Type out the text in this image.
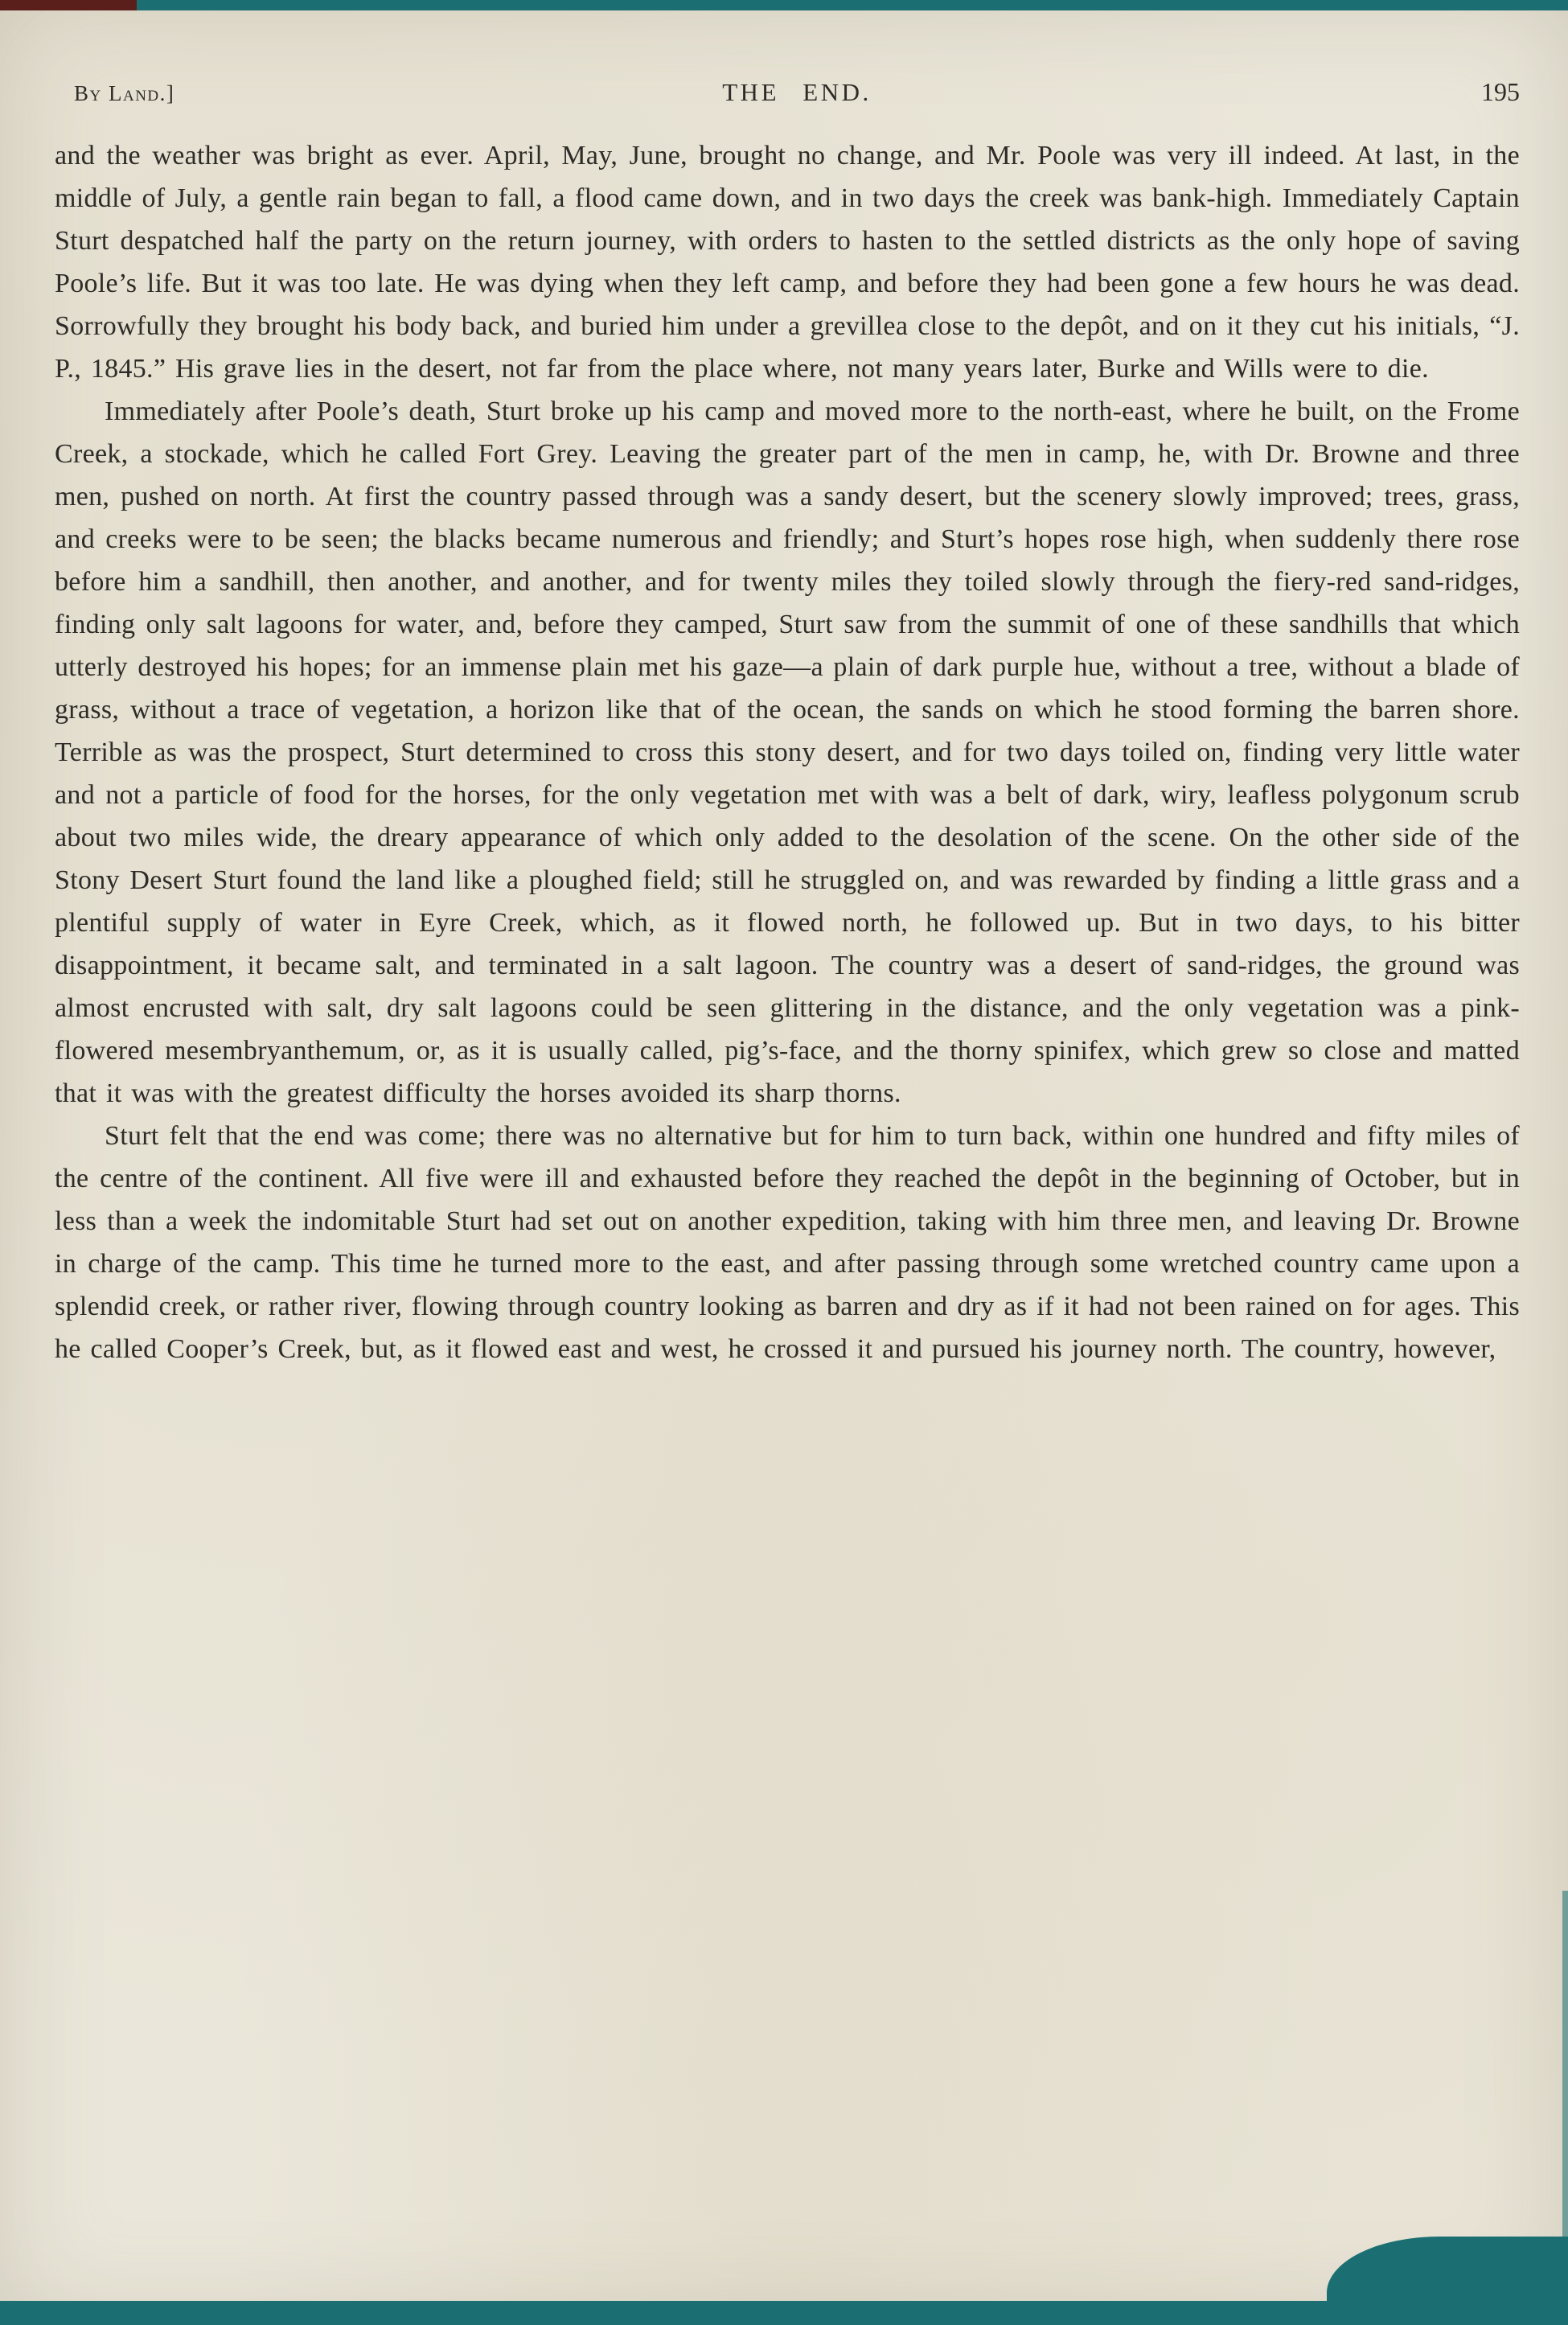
By Land.]	THE END.	195

and the weather was bright as ever. April, May, June, brought no change, and Mr. Poole was very ill indeed. At last, in the middle of July, a gentle rain began to fall, a flood came down, and in two days the creek was bank-high. Immediately Captain Sturt despatched half the party on the return journey, with orders to hasten to the settled districts as the only hope of saving Poole’s life. But it was too late. He was dying when they left camp, and before they had been gone a few hours he was dead. Sorrowfully they brought his body back, and buried him under a grevillea close to the depôt, and on it they cut his initials, “J. P., 1845.” His grave lies in the desert, not far from the place where, not many years later, Burke and Wills were to die.

Immediately after Poole’s death, Sturt broke up his camp and moved more to the north-east, where he built, on the Frome Creek, a stockade, which he called Fort Grey. Leaving the greater part of the men in camp, he, with Dr. Browne and three men, pushed on north. At first the country passed through was a sandy desert, but the scenery slowly improved; trees, grass, and creeks were to be seen; the blacks became numerous and friendly; and Sturt’s hopes rose high, when suddenly there rose before him a sandhill, then another, and another, and for twenty miles they toiled slowly through the fiery-red sand-ridges, finding only salt lagoons for water, and, before they camped, Sturt saw from the summit of one of these sandhills that which utterly destroyed his hopes; for an immense plain met his gaze—a plain of dark purple hue, without a tree, without a blade of grass, without a trace of vegetation, a horizon like that of the ocean, the sands on which he stood forming the barren shore. Terrible as was the prospect, Sturt determined to cross this stony desert, and for two days toiled on, finding very little water and not a particle of food for the horses, for the only vegetation met with was a belt of dark, wiry, leafless polygonum scrub about two miles wide, the dreary appearance of which only added to the desolation of the scene. On the other side of the Stony Desert Sturt found the land like a ploughed field; still he struggled on, and was rewarded by finding a little grass and a plentiful supply of water in Eyre Creek, which, as it flowed north, he followed up. But in two days, to his bitter disappointment, it became salt, and terminated in a salt lagoon. The country was a desert of sand-ridges, the ground was almost encrusted with salt, dry salt lagoons could be seen glittering in the distance, and the only vegetation was a pink-flowered mesembryanthemum, or, as it is usually called, pig’s-face, and the thorny spinifex, which grew so close and matted that it was with the greatest difficulty the horses avoided its sharp thorns.

Sturt felt that the end was come; there was no alternative but for him to turn back, within one hundred and fifty miles of the centre of the continent. All five were ill and exhausted before they reached the depôt in the beginning of October, but in less than a week the indomitable Sturt had set out on another expedition, taking with him three men, and leaving Dr. Browne in charge of the camp. This time he turned more to the east, and after passing through some wretched country came upon a splendid creek, or rather river, flowing through country looking as barren and dry as if it had not been rained on for ages. This he called Cooper’s Creek, but, as it flowed east and west, he crossed it and pursued his journey north. The country, however,
